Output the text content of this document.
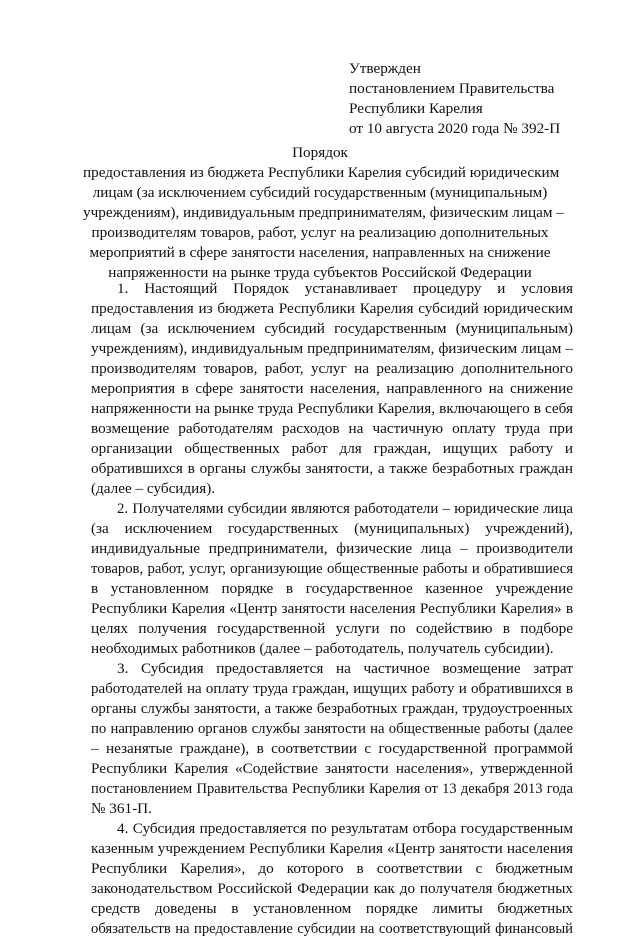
Утвержден
постановлением Правительства
Республики Карелия
от 10 августа 2020 года № 392-П
Порядок
предоставления из бюджета Республики Карелия субсидий юридическим
лицам (за исключением субсидий государственным (муниципальным)
учреждениям), индивидуальным предпринимателям, физическим лицам –
производителям товаров, работ, услуг на реализацию дополнительных
мероприятий в сфере занятости населения, направленных на снижение
напряженности на рынке труда субъектов Российской Федерации
1. Настоящий Порядок устанавливает процедуру и условия
предоставления из бюджета Республики Карелия субсидий юридическим
лицам (за исключением субсидий государственным (муниципальным)
учреждениям), индивидуальным предпринимателям, физическим лицам –
производителям товаров, работ, услуг на реализацию дополнительного
мероприятия в сфере занятости населения, направленного на снижение
напряженности на рынке труда Республики Карелия, включающего в себя
возмещение работодателям расходов на частичную оплату труда при
организации общественных работ для граждан, ищущих работу и
обратившихся в органы службы занятости, а также безработных граждан
(далее – субсидия).
2. Получателями субсидии являются работодатели – юридические лица
(за исключением государственных (муниципальных) учреждений),
индивидуальные предприниматели, физические лица – производители
товаров, работ, услуг, организующие общественные работы и обратившиеся
в установленном порядке в государственное казенное учреждение
Республики Карелия «Центр занятости населения Республики Карелия» в
целях получения государственной услуги по содействию в подборе
необходимых работников (далее – работодатель, получатель субсидии).
3. Субсидия предоставляется на частичное возмещение затрат
работодателей на оплату труда граждан, ищущих работу и обратившихся в
органы службы занятости, а также безработных граждан, трудоустроенных
по направлению органов службы занятости на общественные работы (далее
– незанятые граждане), в соответствии с государственной программой
Республики Карелия «Содействие занятости населения», утвержденной
постановлением Правительства Республики Карелия от 13 декабря 2013 года
№ 361-П.
4. Субсидия предоставляется по результатам отбора государственным
казенным учреждением Республики Карелия «Центр занятости населения
Республики Карелия», до которого в соответствии с бюджетным
законодательством Российской Федерации как до получателя бюджетных
средств доведены в установленном порядке лимиты бюджетных
обязательств на предоставление субсидии на соответствующий финансовый
